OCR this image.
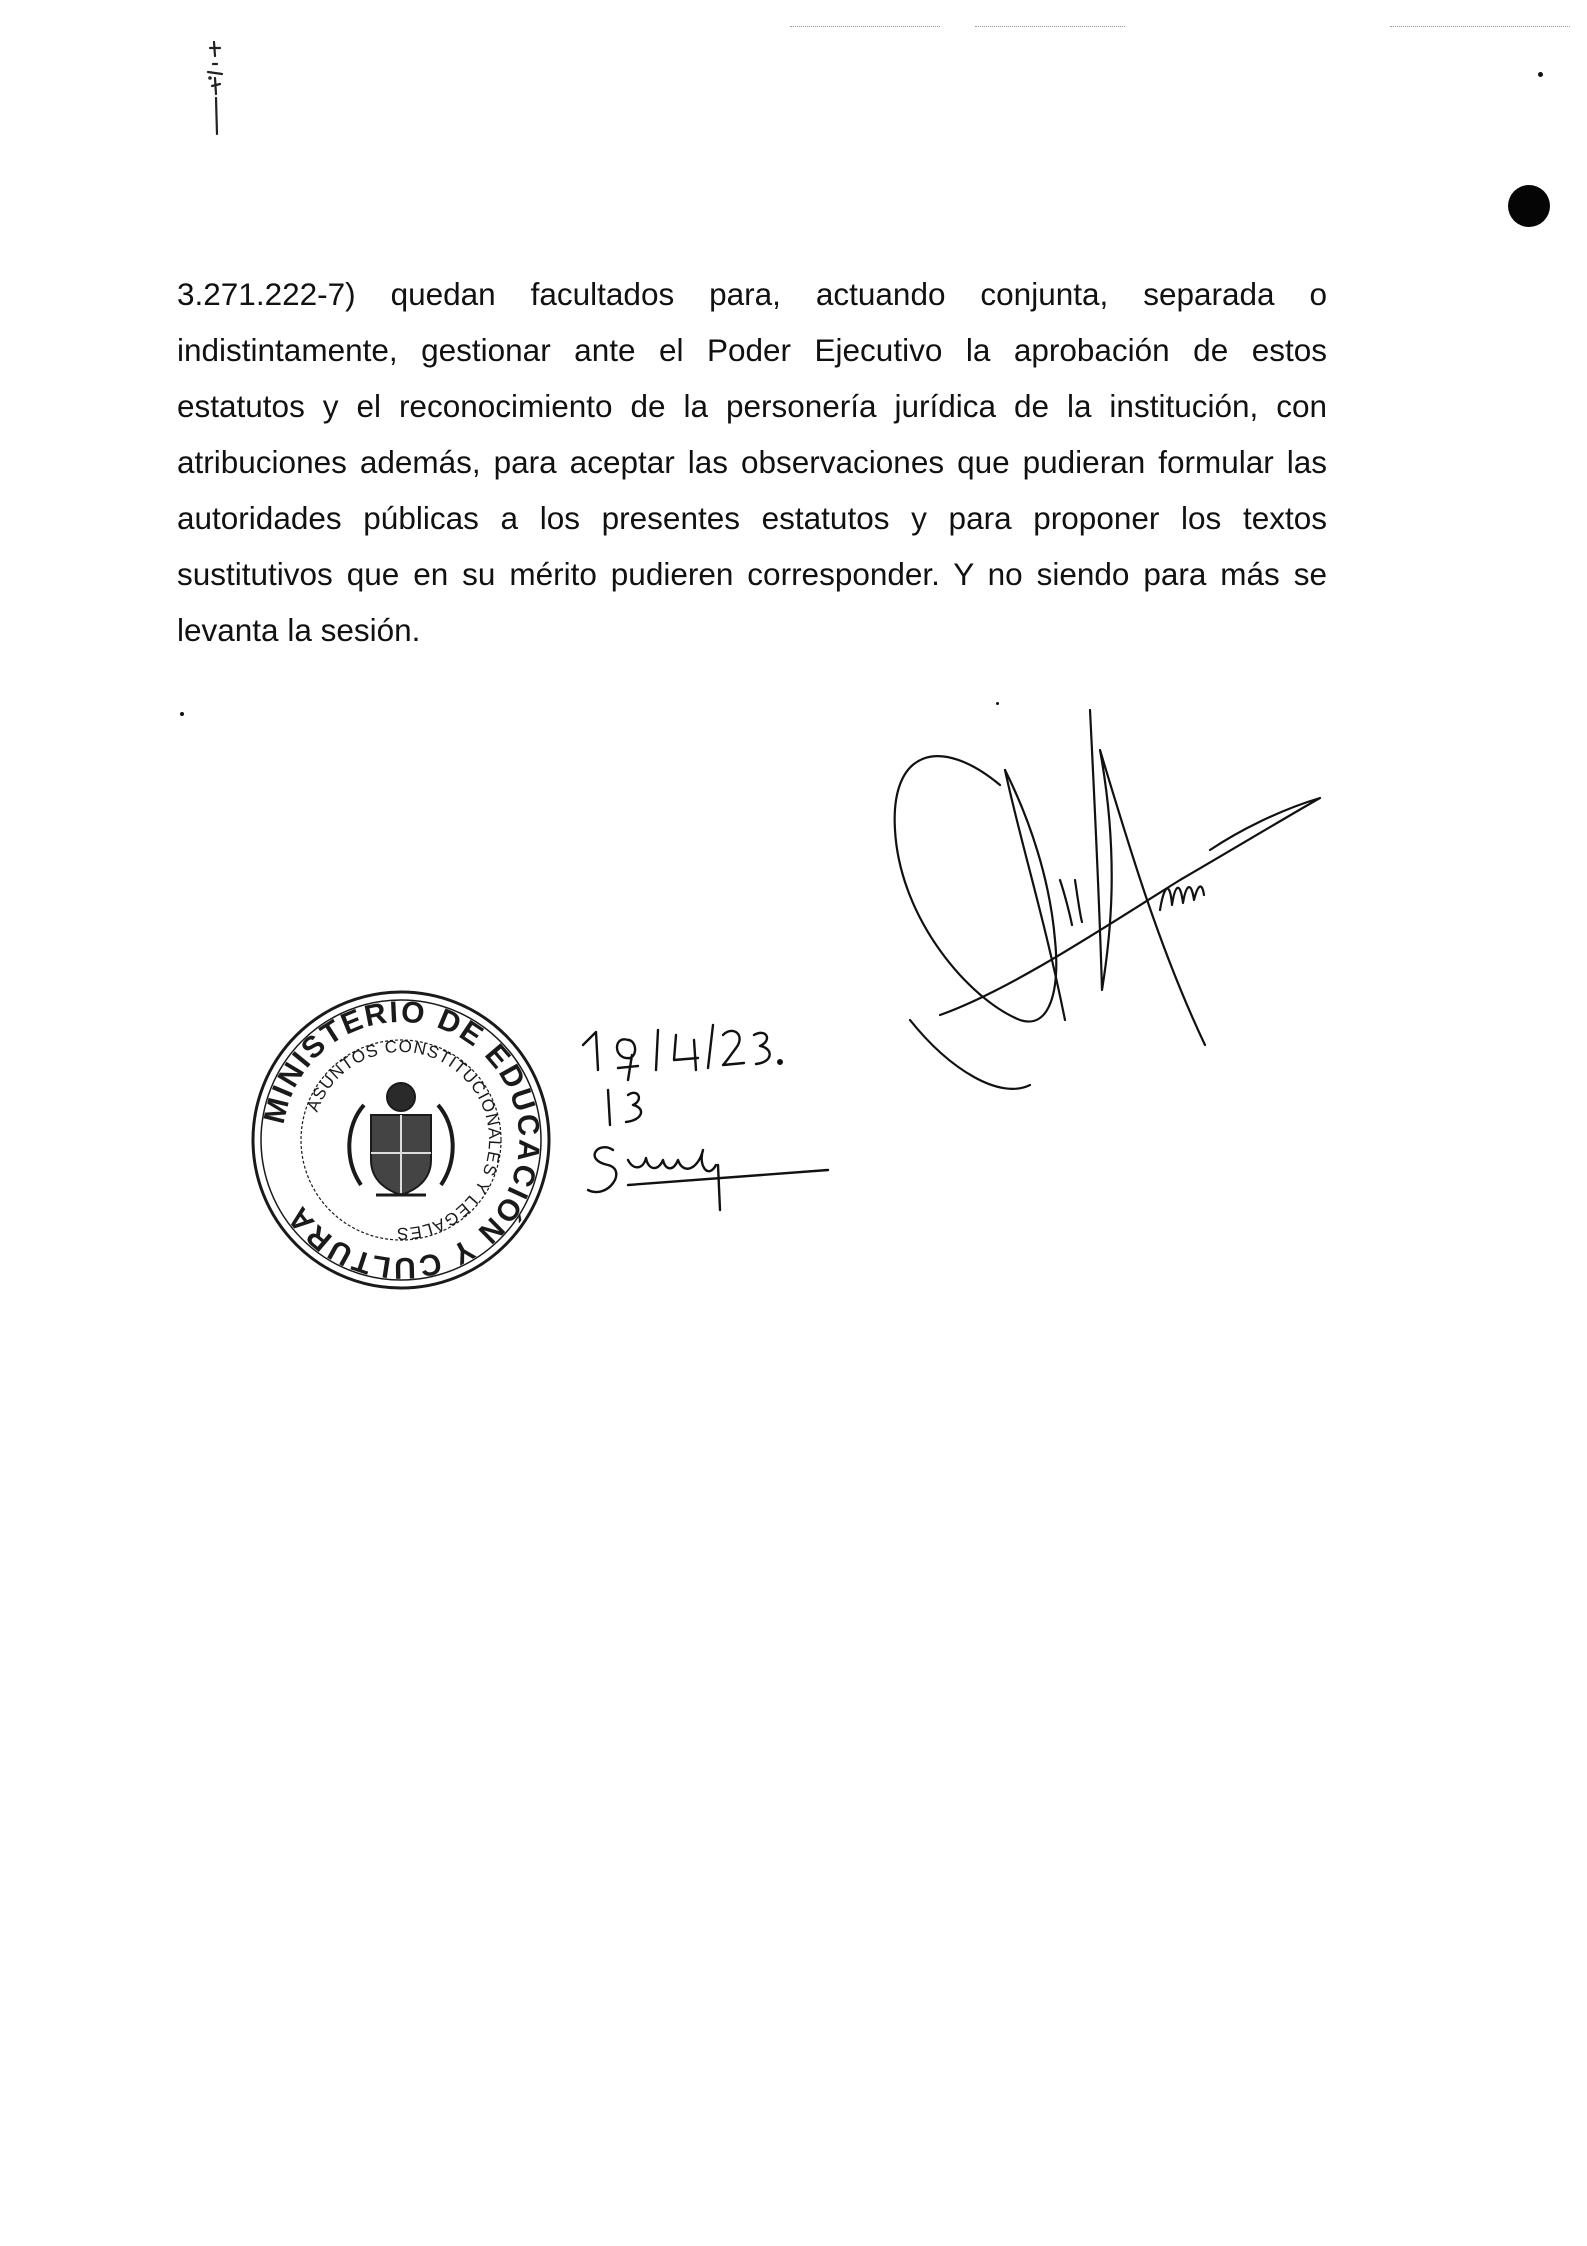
3.271.222-7) quedan facultados para, actuando conjunta, separada o
indistintamente, gestionar ante el Poder Ejecutivo la aprobación de estos
estatutos y el reconocimiento de la personería jurídica de la institución, con
atribuciones además, para aceptar las observaciones que pudieran formular las
autoridades públicas a los presentes estatutos y para proponer los textos
sustitutivos que en su mérito pudieren corresponder. Y no siendo para más se
levanta la sesión.
MINISTERIO DE EDUCACIÓN Y CULTURA
ASUNTOS CONSTITUCIONALES Y LEGALES
